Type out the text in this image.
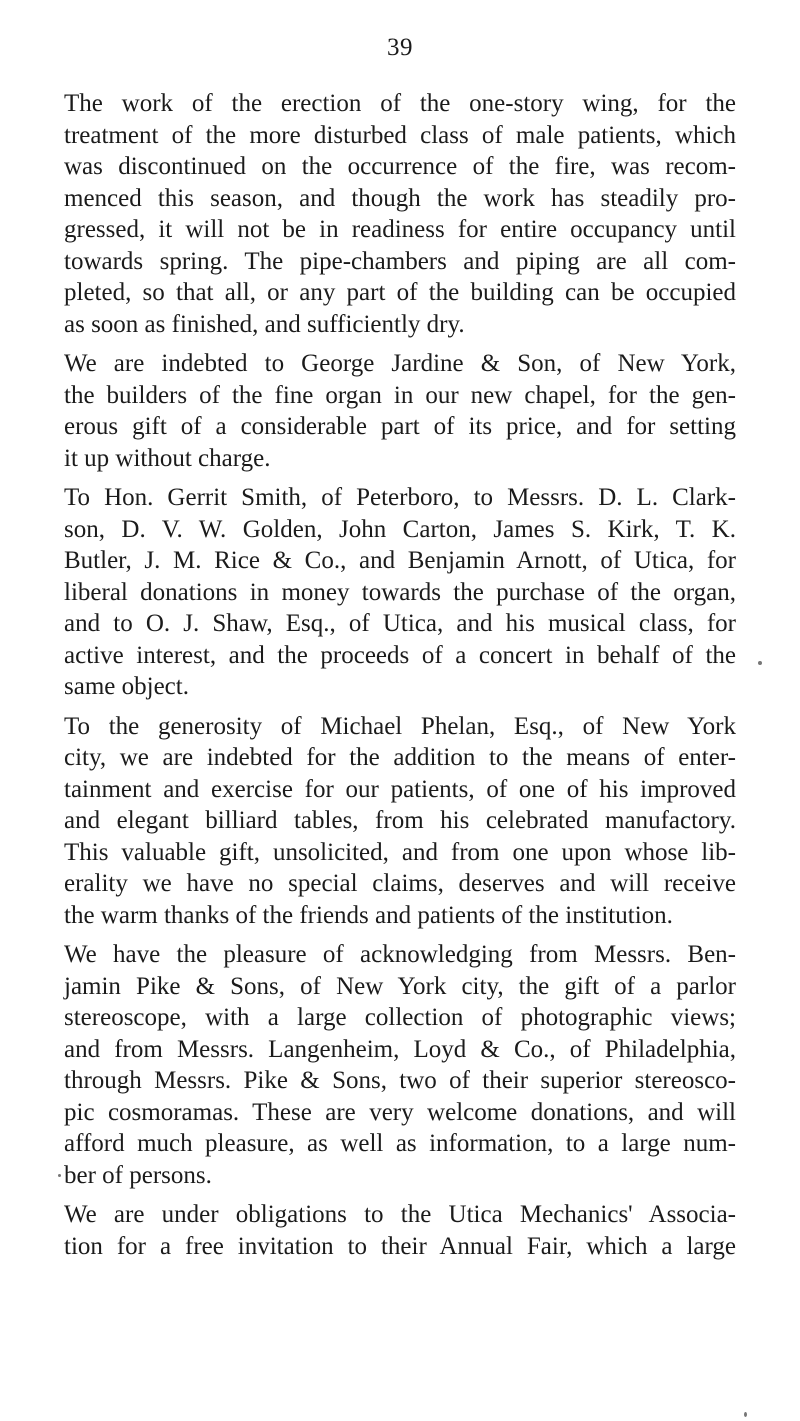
39
The work of the erection of the one-story wing, for the
treatment of the more disturbed class of male patients, which
was discontinued on the occurrence of the fire, was recom-
menced this season, and though the work has steadily pro-
gressed, it will not be in readiness for entire occupancy until
towards spring. The pipe-chambers and piping are all com-
pleted, so that all, or any part of the building can be occupied
as soon as finished, and sufficiently dry.
We are indebted to George Jardine & Son, of New York,
the builders of the fine organ in our new chapel, for the gen-
erous gift of a considerable part of its price, and for setting
it up without charge.
To Hon. Gerrit Smith, of Peterboro, to Messrs. D. L. Clark-
son, D. V. W. Golden, John Carton, James S. Kirk, T. K.
Butler, J. M. Rice & Co., and Benjamin Arnott, of Utica, for
liberal donations in money towards the purchase of the organ,
and to O. J. Shaw, Esq., of Utica, and his musical class, for
active interest, and the proceeds of a concert in behalf of the
same object.
To the generosity of Michael Phelan, Esq., of New York
city, we are indebted for the addition to the means of enter-
tainment and exercise for our patients, of one of his improved
and elegant billiard tables, from his celebrated manufactory.
This valuable gift, unsolicited, and from one upon whose lib-
erality we have no special claims, deserves and will receive
the warm thanks of the friends and patients of the institution.
We have the pleasure of acknowledging from Messrs. Ben-
jamin Pike & Sons, of New York city, the gift of a parlor
stereoscope, with a large collection of photographic views;
and from Messrs. Langenheim, Loyd & Co., of Philadelphia,
through Messrs. Pike & Sons, two of their superior stereosco-
pic cosmoramas. These are very welcome donations, and will
afford much pleasure, as well as information, to a large num-
ber of persons.
We are under obligations to the Utica Mechanics' Associa-
tion for a free invitation to their Annual Fair, which a large
